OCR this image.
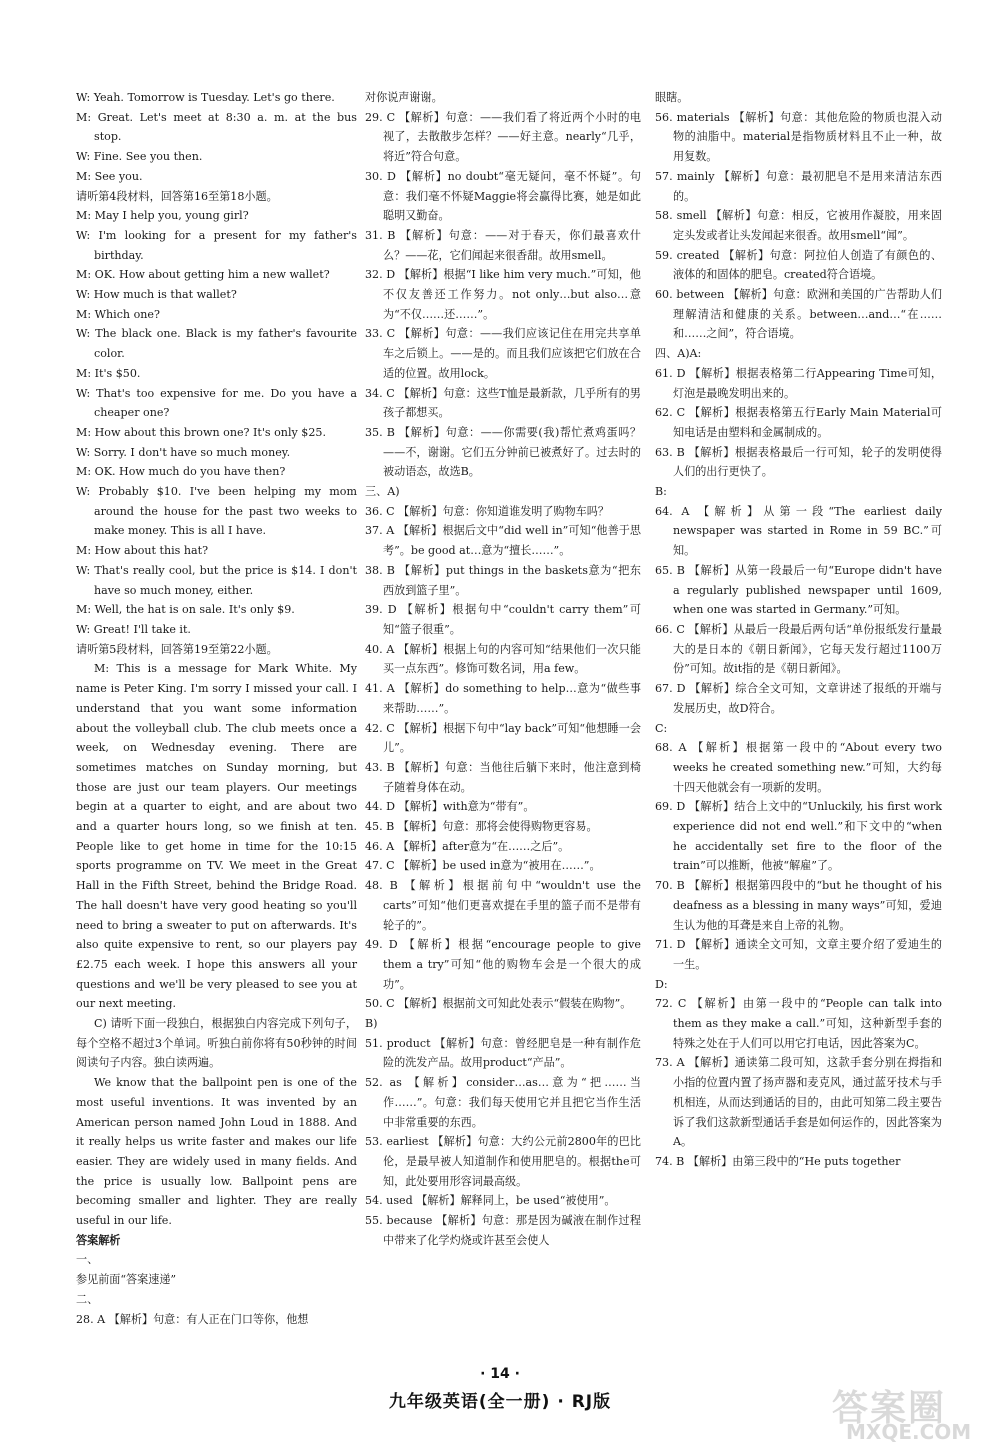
W: Yeah. Tomorrow is Tuesday. Let's go there.

M: Great. Let's meet at 8:30 a. m. at the bus stop.

W: Fine. See you then.

M: See you.

请听第4段材料，回答第16至第18小题。

M: May I help you, young girl?

W: I'm looking for a present for my father's birthday.

M: OK. How about getting him a new wallet?

W: How much is that wallet?

M: Which one?

W: The black one. Black is my father's favourite color.

M: It's $50.

W: That's too expensive for me. Do you have a cheaper one?

M: How about this brown one? It's only $25.

W: Sorry. I don't have so much money.

M: OK. How much do you have then?

W: Probably $10. I've been helping my mom around the house for the past two weeks to make money. This is all I have.

M: How about this hat?

W: That's really cool, but the price is $14. I don't have so much money, either.

M: Well, the hat is on sale. It's only $9.

W: Great! I'll take it.

请听第5段材料，回答第19至第22小题。

M: This is a message for Mark White. My name is Peter King. I'm sorry I missed your call. I understand that you want some information about the volleyball club. The club meets once a week, on Wednesday evening. There are sometimes matches on Sunday morning, but those are just our team players. Our meetings begin at a quarter to eight, and are about two and a quarter hours long, so we finish at ten. People like to get home in time for the 10:15 sports programme on TV. We meet in the Great Hall in the Fifth Street, behind the Bridge Road. The hall doesn't have very good heating so you'll need to bring a sweater to put on afterwards. It's also quite expensive to rent, so our players pay £2.75 each week. I hope this answers all your questions and we'll be very pleased to see you at our next meeting.

C) 请听下面一段独白，根据独白内容完成下列句子，每个空格不超过3个单词。听独白前你将有50秒钟的时间阅读句子内容。独白读两遍。

We know that the ballpoint pen is one of the most useful inventions. It was invented by an American person named John Loud in 1888. And it really helps us write faster and makes our life easier. They are widely used in many fields. And the price is usually low. Ballpoint pens are becoming smaller and lighter. They are really useful in our life.

答案解析

一、

参见前面“答案速递”

二、

28. A 【解析】句意：有人正在门口等你，他想

对你说声谢谢。

29. C 【解析】句意：——我们看了将近两个小时的电视了，去散散步怎样？——好主意。nearly“几乎，将近”符合句意。

30. D 【解析】no doubt“毫无疑问，毫不怀疑”。句意：我们毫不怀疑Maggie将会赢得比赛，她是如此聪明又勤奋。

31. B 【解析】句意：——对于春天，你们最喜欢什么？——花，它们闻起来很香甜。故用smell。

32. D 【解析】根据“I like him very much.”可知，他不仅友善还工作努力。not only…but also…意为“不仅……还……”。

33. C 【解析】句意：——我们应该记住在用完共享单车之后锁上。——是的。而且我们应该把它们放在合适的位置。故用lock。

34. C 【解析】句意：这些T恤是最新款，几乎所有的男孩子都想买。

35. B 【解析】句意：——你需要(我)帮忙煮鸡蛋吗？——不，谢谢。它们五分钟前已被煮好了。过去时的被动语态，故选B。

三、A)

36. C 【解析】句意：你知道谁发明了购物车吗？

37. A 【解析】根据后文中“did well in”可知“他善于思考”。be good at…意为“擅长……”。

38. B 【解析】put things in the baskets意为“把东西放到篮子里”。

39. D 【解析】根据句中“couldn't carry them”可知“篮子很重”。

40. A 【解析】根据上句的内容可知“结果他们一次只能买一点东西”。修饰可数名词，用a few。

41. A 【解析】do something to help…意为“做些事来帮助……”。

42. C 【解析】根据下句中“lay back”可知“他想睡一会儿”。

43. B 【解析】句意：当他往后躺下来时，他注意到椅子随着身体在动。

44. D 【解析】with意为“带有”。

45. B 【解析】句意：那将会使得购物更容易。

46. A 【解析】after意为“在……之后”。

47. C 【解析】be used in意为“被用在……”。

48. B 【解析】根据前句中“wouldn't use the carts”可知“他们更喜欢提在手里的篮子而不是带有轮子的”。

49. D 【解析】根据“encourage people to give them a try”可知“他的购物车会是一个很大的成功”。

50. C 【解析】根据前文可知此处表示“假装在购物”。

B)

51. product 【解析】句意：曾经肥皂是一种有制作危险的洗发产品。故用product“产品”。

52. as 【解析】consider…as…意为“把……当作……”。句意：我们每天使用它并且把它当作生活中非常重要的东西。

53. earliest 【解析】句意：大约公元前2800年的巴比伦，是最早被人知道制作和使用肥皂的。根据the可知，此处要用形容词最高级。

54. used 【解析】解释同上，be used“被使用”。

55. because 【解析】句意：那是因为碱液在制作过程中带来了化学灼烧或许甚至会使人

眼瞎。

56. materials 【解析】句意：其他危险的物质也混入动物的油脂中。material是指物质材料且不止一种，故用复数。

57. mainly 【解析】句意：最初肥皂不是用来清洁东西的。

58. smell 【解析】句意：相反，它被用作凝胶，用来固定头发或者让头发闻起来很香。故用smell“闻”。

59. created 【解析】句意：阿拉伯人创造了有颜色的、液体的和固体的肥皂。created符合语境。

60. between 【解析】句意：欧洲和美国的广告帮助人们理解清洁和健康的关系。between…and…“在……和……之间”，符合语境。

四、A)A:

61. D 【解析】根据表格第二行Appearing Time可知，灯泡是最晚发明出来的。

62. C 【解析】根据表格第五行Early Main Material可知电话是由塑料和金属制成的。

63. B 【解析】根据表格最后一行可知，轮子的发明使得人们的出行更快了。

B:

64. A 【解析】从第一段“The earliest daily newspaper was started in Rome in 59 BC.”可知。

65. B 【解析】从第一段最后一句“Europe didn't have a regularly published newspaper until 1609, when one was started in Germany.”可知。

66. C 【解析】从最后一段最后两句话“单份报纸发行量最大的是日本的《朝日新闻》，它每天发行超过1100万份”可知。故it指的是《朝日新闻》。

67. D 【解析】综合全文可知，文章讲述了报纸的开端与发展历史，故D符合。

C:

68. A 【解析】根据第一段中的“About every two weeks he created something new.”可知，大约每十四天他就会有一项新的发明。

69. D 【解析】结合上文中的“Unluckily, his first work experience did not end well.”和下文中的“when he accidentally set fire to the floor of the train”可以推断，他被“解雇”了。

70. B 【解析】根据第四段中的“but he thought of his deafness as a blessing in many ways”可知，爱迪生认为他的耳聋是来自上帝的礼物。

71. D 【解析】通读全文可知，文章主要介绍了爱迪生的一生。

D:

72. C 【解析】由第一段中的“People can talk into them as they make a call.”可知，这种新型手套的特殊之处在于人们可以用它打电话，因此答案为C。

73. A 【解析】通读第二段可知，这款手套分别在拇指和小指的位置内置了扬声器和麦克风，通过蓝牙技术与手机相连，从而达到通话的目的，由此可知第二段主要告诉了我们这款新型通话手套是如何运作的，因此答案为A。

74. B 【解析】由第三段中的“He puts together

· 14 ·
九年级英语(全一册) · RJ版	答案圈
MXQE.COM
